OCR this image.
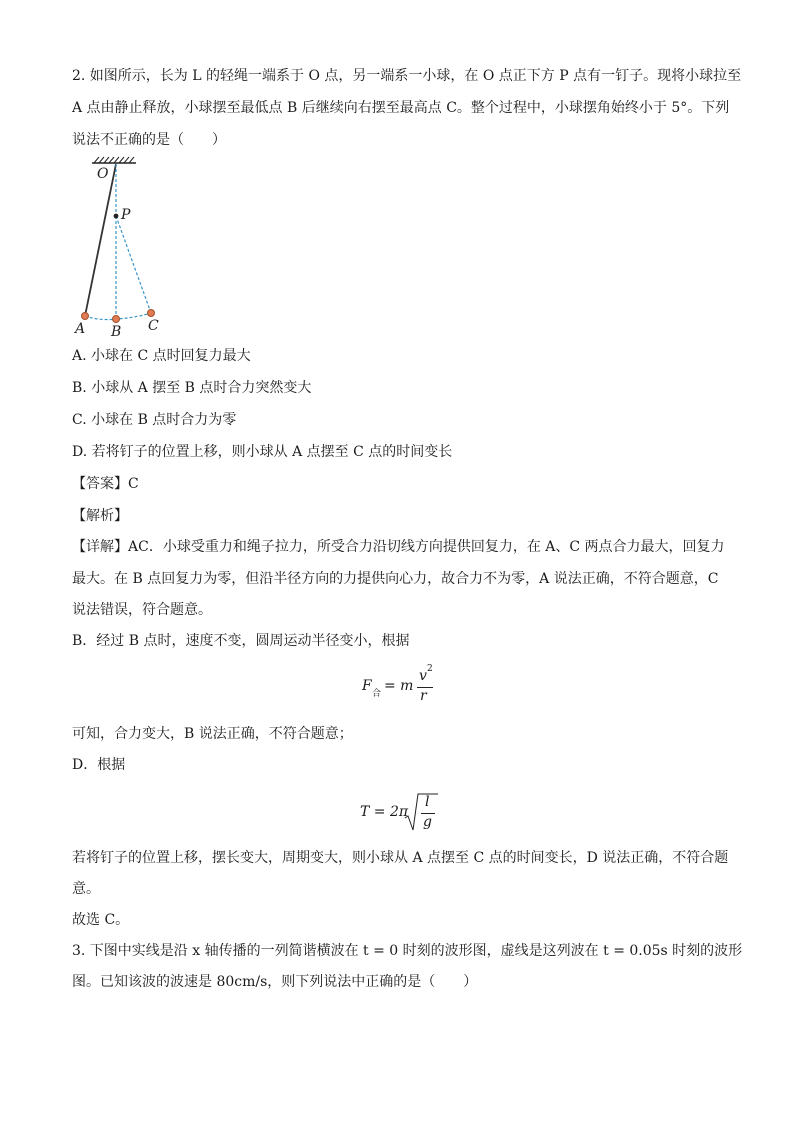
2. 如图所示，长为 L 的轻绳一端系于 O 点，另一端系一小球，在 O 点正下方 P 点有一钉子。现将小球拉至
A 点由静止释放，小球摆至最低点 B 后继续向右摆至最高点 C。整个过程中，小球摆角始终小于 5°。下列
说法不正确的是（　　）
O
P
A B C
A. 小球在 C 点时回复力最大
B. 小球从 A 摆至 B 点时合力突然变大
C. 小球在 B 点时合力为零
D. 若将钉子的位置上移，则小球从 A 点摆至 C 点的时间变长
【答案】C
【解析】
【详解】AC．小球受重力和绳子拉力，所受合力沿切线方向提供回复力，在 A、C 两点合力最大，回复力
最大。在 B 点回复力为零，但沿半径方向的力提供向心力，故合力不为零，A 说法正确，不符合题意，C
说法错误，符合题意。
B．经过 B 点时，速度不变，圆周运动半径变小，根据
F 合 = m
v 2
r
可知，合力变大，B 说法正确，不符合题意；
D．根据
T = 2π
l
g
若将钉子的位置上移，摆长变大，周期变大，则小球从 A 点摆至 C 点的时间变长，D 说法正确，不符合题
意。
故选 C。
3. 下图中实线是沿 x 轴传播的一列简谐横波在 t = 0 时刻的波形图，虚线是这列波在 t = 0.05s 时刻的波形
图。已知该波的波速是 80cm/s，则下列说法中正确的是（　　）
